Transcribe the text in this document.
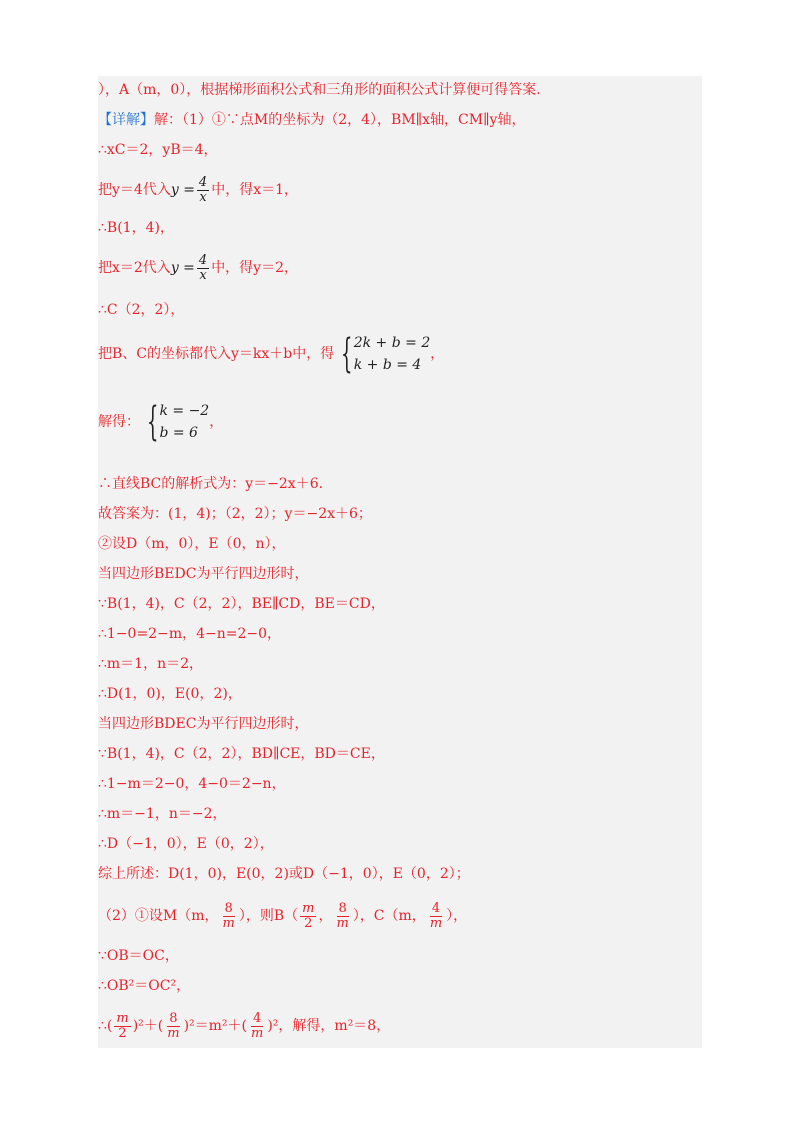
），A（m，0），根据梯形面积公式和三角形的面积公式计算便可得答案.
【详解】解：（1）①∵点M的坐标为（2，4），BM∥x轴，CM∥y轴，
∴xC＝2，yB＝4，
把y＝4代入 $y = \frac{4}{x}$ 中，得x＝1，
∴B(1，4)，
把x＝2代入 $y = \frac{4}{x}$ 中，得y＝2，
∴C（2，2），
把B、C的坐标都代入y＝kx＋b中，得 { 2k + b = 2
k + b = 4
，
解得： { k = −2
b = 6
，
∴直线BC的解析式为：y＝−2x＋6.
故答案为：(1，4)；（2，2）；y＝−2x＋6；
②设D（m，0），E（0，n），
当四边形BEDC为平行四边形时，
∵B(1，4)，C（2，2），BE∥CD，BE＝CD，
∴1−0=2−m，4−n=2−0，
∴m＝1，n＝2，
∴D(1，0)，E(0，2)，
当四边形BDEC为平行四边形时，
∵B(1，4)，C（2，2），BD∥CE，BD＝CE，
∴1−m＝2−0，4−0＝2−n，
∴m＝−1，n＝−2，
∴D（−1，0），E（0，2），
综上所述：D(1，0)，E(0，2)或D（−1，0），E（0，2）；
（2）①设M（m， $\frac{8}{m}$ ），则$B( \frac{m}{2}$ ， $\frac{8}{m}$ ），C（m， $\frac{4}{m}$ ），
∵OB＝OC，
∴OB²＝OC²，
∴( $\frac{m}{2} )^2+( \frac{8}{m} )^2=m^2+( \frac{4}{m} )^2$，解得，m²＝8，
